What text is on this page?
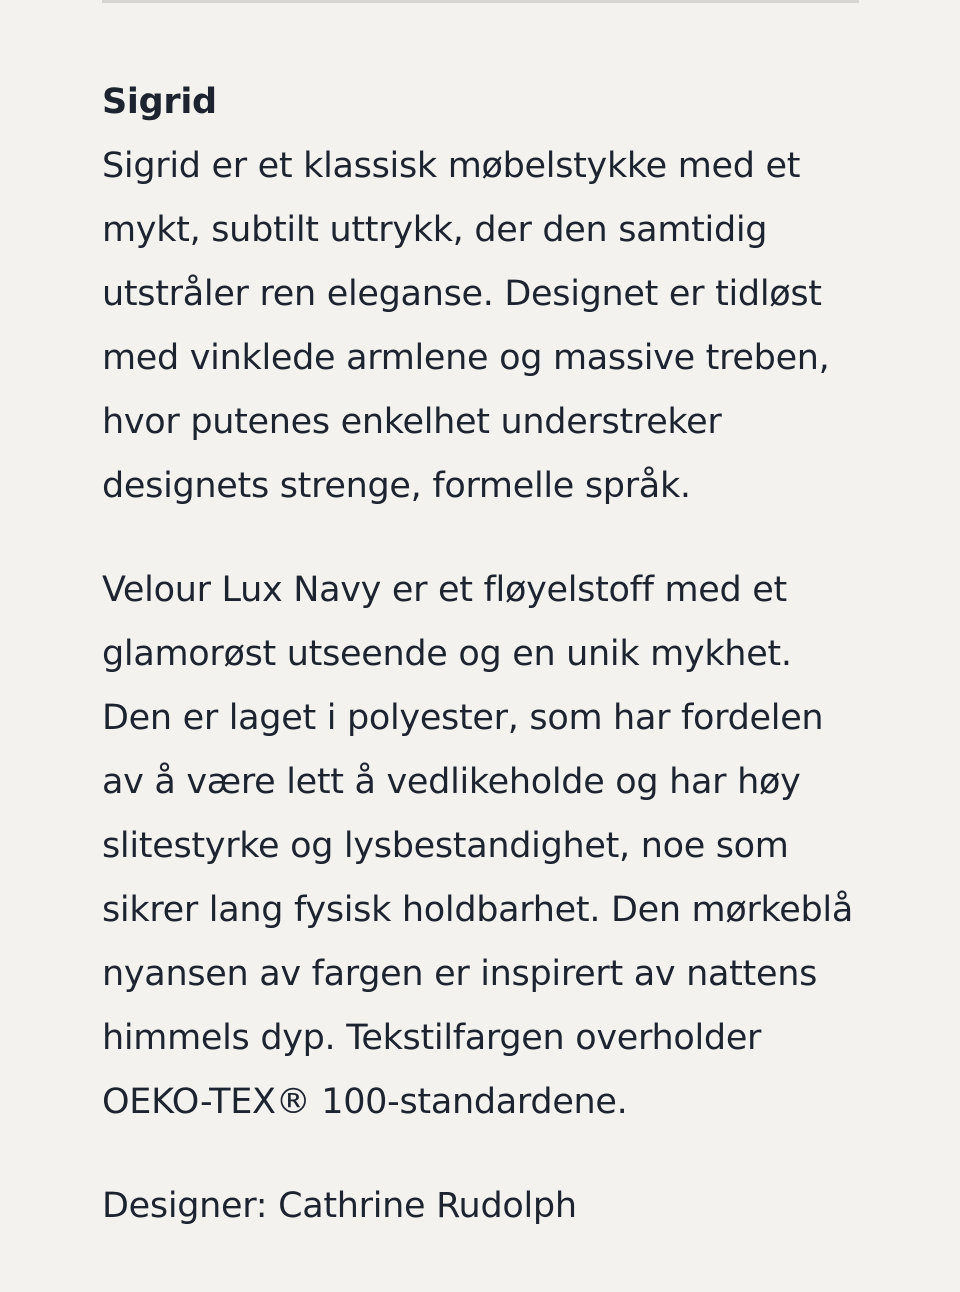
Sigrid

Sigrid er et klassisk møbelstykke med et
mykt, subtilt uttrykk, der den samtidig
utstråler ren eleganse. Designet er tidløst
med vinklede armlene og massive treben,
hvor putenes enkelhet understreker
designets strenge, formelle språk.

Velour Lux Navy er et fløyelstoff med et
glamorøst utseende og en unik mykhet.
Den er laget i polyester, som har fordelen
av å være lett å vedlikeholde og har høy
slitestyrke og lysbestandighet, noe som
sikrer lang fysisk holdbarhet. Den mørkeblå
nyansen av fargen er inspirert av nattens
himmels dyp. Tekstilfargen overholder
OEKO-TEX® 100-standardene.

Designer: Cathrine Rudolph
